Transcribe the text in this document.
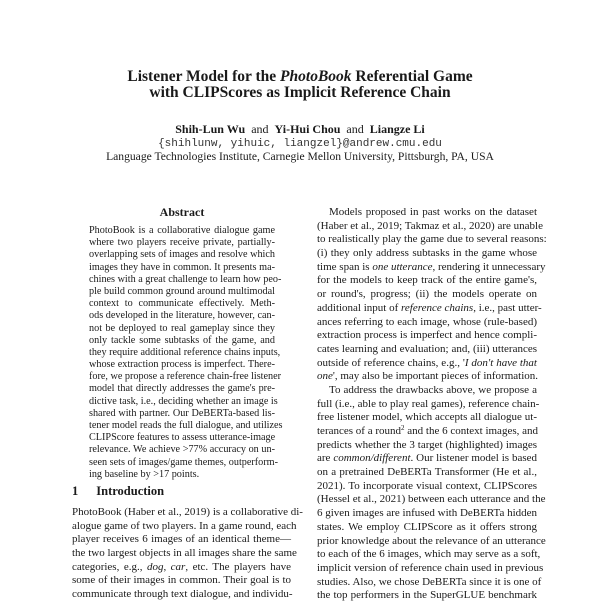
Listener Model for the PhotoBook Referential Game
with CLIPScores as Implicit Reference Chain
Shih-Lun Wu and Yi-Hui Chou and Liangze Li
{shihlunw, yihuic, liangzel}@andrew.cmu.edu
Language Technologies Institute, Carnegie Mellon University, Pittsburgh, PA, USA
Abstract
PhotoBook is a collaborative dialogue game
where two players receive private, partially-
overlapping sets of images and resolve which
images they have in common. It presents ma-
chines with a great challenge to learn how peo-
ple build common ground around multimodal
context to communicate effectively. Meth-
ods developed in the literature, however, can-
not be deployed to real gameplay since they
only tackle some subtasks of the game, and
they require additional reference chains inputs,
whose extraction process is imperfect. There-
fore, we propose a reference chain-free listener
model that directly addresses the game's pre-
dictive task, i.e., deciding whether an image is
shared with partner. Our DeBERTa-based lis-
tener model reads the full dialogue, and utilizes
CLIPScore features to assess utterance-image
relevance. We achieve >77% accuracy on un-
seen sets of images/game themes, outperform-
ing baseline by >17 points.
1 Introduction
PhotoBook (Haber et al., 2019) is a collaborative di-
alogue game of two players. In a game round, each
player receives 6 images of an identical theme—
the two largest objects in all images share the same
categories, e.g., dog, car, etc. The players have
some of their images in common. Their goal is to
communicate through text dialogue, and individu-
Models proposed in past works on the dataset
(Haber et al., 2019; Takmaz et al., 2020) are unable
to realistically play the game due to several reasons:
(i) they only address subtasks in the game whose
time span is one utterance, rendering it unnecessary
for the models to keep track of the entire game's,
or round's, progress; (ii) the models operate on
additional input of reference chains, i.e., past utter-
ances referring to each image, whose (rule-based)
extraction process is imperfect and hence compli-
cates learning and evaluation; and, (iii) utterances
outside of reference chains, e.g., 'I don't have that
one', may also be important pieces of information.
To address the drawbacks above, we propose a
full (i.e., able to play real games), reference chain-
free listener model, which accepts all dialogue ut-
terances of a round$^2$ and the 6 context images, and
predicts whether the 3 target (highlighted) images
are common/different. Our listener model is based
on a pretrained DeBERTa Transformer (He et al.,
2021). To incorporate visual context, CLIPScores
(Hessel et al., 2021) between each utterance and the
6 given images are infused with DeBERTa hidden
states. We employ CLIPScore as it offers strong
prior knowledge about the relevance of an utterance
to each of the 6 images, which may serve as a soft,
implicit version of reference chain used in previous
studies. Also, we chose DeBERTa since it is one of
the top performers in the SuperGLUE benchmark
